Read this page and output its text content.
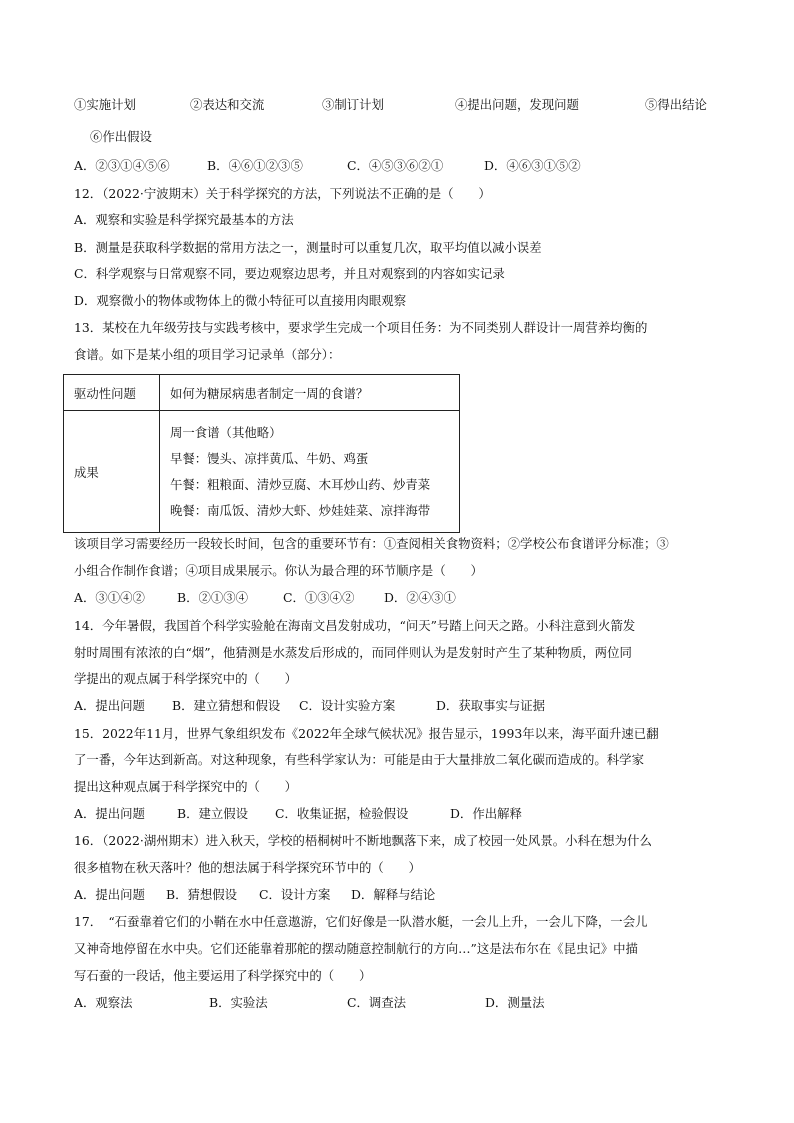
①实施计划	②表达和交流	③制订计划	④提出问题，发现问题	⑤得出结论
⑥作出假设
A．②③①④⑤⑥	B．④⑥①②③⑤	C．④⑤③⑥②①	D．④⑥③①⑤②
12．（2022·宁波期末）关于科学探究的方法，下列说法不正确的是（　　）
A．观察和实验是科学探究最基本的方法
B．测量是获取科学数据的常用方法之一，测量时可以重复几次，取平均值以减小误差
C．科学观察与日常观察不同，要边观察边思考，并且对观察到的内容如实记录
D．观察微小的物体或物体上的微小特征可以直接用肉眼观察
13．某校在九年级劳技与实践考核中，要求学生完成一个项目任务：为不同类别人群设计一周营养均衡的
食谱。如下是某小组的项目学习记录单（部分）：
驱动性问题	如何为糖尿病患者制定一周的食谱？
成果	周一食谱（其他略）
早餐：馒头、凉拌黄瓜、牛奶、鸡蛋
午餐：粗粮面、清炒豆腐、木耳炒山药、炒青菜
晚餐：南瓜饭、清炒大虾、炒娃娃菜、凉拌海带
该项目学习需要经历一段较长时间，包含的重要环节有：①查阅相关食物资料；②学校公布食谱评分标准；③
小组合作制作食谱；④项目成果展示。你认为最合理的环节顺序是（　　）
A．③①④②	B．②①③④	C．①③④② D．②④③①
14．今年暑假，我国首个科学实验舱在海南文昌发射成功，“问天”号踏上问天之路。小科注意到火箭发
射时周围有浓浓的白“烟”，他猜测是水蒸发后形成的，而同伴则认为是发射时产生了某种物质，两位同
学提出的观点属于科学探究中的（　　）
A．提出问题 B．建立猜想和假设 C．设计实验方案	D．获取事实与证据
15．2022年11月，世界气象组织发布《2022年全球气候状况》报告显示，1993年以来，海平面升速已翻
了一番，今年达到新高。对这种现象，有些科学家认为：可能是由于大量排放二氧化碳而造成的。科学家
提出这种观点属于科学探究中的（　　）
A．提出问题	B．建立假设 C．收集证据，检验假设	D．作出解释
16．（2022·湖州期末）进入秋天，学校的梧桐树叶不断地飘落下来，成了校园一处风景。小科在想为什么
很多植物在秋天落叶？他的想法属于科学探究环节中的（　　）
A．提出问题 B．猜想假设 C．设计方案 D．解释与结论
17．　“石蚕靠着它们的小鞘在水中任意遨游，它们好像是一队潜水艇，一会儿上升，一会儿下降，一会儿
又神奇地停留在水中央。它们还能靠着那舵的摆动随意控制航行的方向…”这是法布尔在《昆虫记》中描
写石蚕的一段话，他主要运用了科学探究中的（　　）
A．观察法	B．实验法	C．调查法	D．测量法
